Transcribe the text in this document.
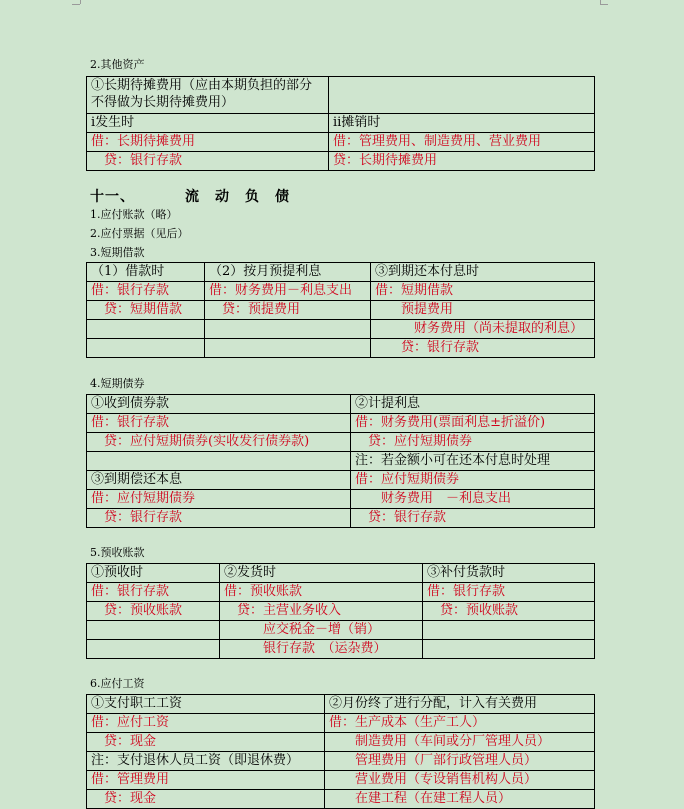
2.其他资产
①长期待摊费用（应由本期负担的部分不得做为长期待摊费用）	
ⅰ发生时	ⅱ摊销时
借：长期待摊费用	借：管理费用、制造费用、营业费用
　贷：银行存款	贷：长期待摊费用
十一、	流　动　负　债
1.应付账款（略）
2.应付票据（见后）
3.短期借款
（1）借款时	（2）按月预提利息	③到期还本付息时
借：银行存款	借：财务费用－利息支出	借：短期借款
　贷：短期借款	　贷：预提费用	　　预提费用
		　　　财务费用（尚未提取的利息）
		　　贷：银行存款
4.短期债券
①收到债券款	②计提利息
借：银行存款	借：财务费用(票面利息±折溢价)
　贷：应付短期债券(实收发行债券款)	　贷：应付短期债券
	注：若金额小可在还本付息时处理
③到期偿还本息	借：应付短期债券
借：应付短期债券	　　财务费用　－利息支出
　贷：银行存款	　贷：银行存款
5.预收账款
①预收时	②发货时	③补付货款时
借：银行存款	借：预收账款	借：银行存款
　贷：预收账款	　贷：主营业务收入	　贷：预收账款
	　　　应交税金－增（销）	
	　　　银行存款　（运杂费）	
6.应付工资
①支付职工工资	②月份终了进行分配，计入有关费用
借：应付工资	借：生产成本（生产工人）
　贷：现金	　　制造费用（车间或分厂管理人员）
注：支付退休人员工资（即退休费）	　　管理费用（厂部行政管理人员）
借：管理费用	　　营业费用（专设销售机构人员）
　贷：现金	　　在建工程（在建工程人员）
